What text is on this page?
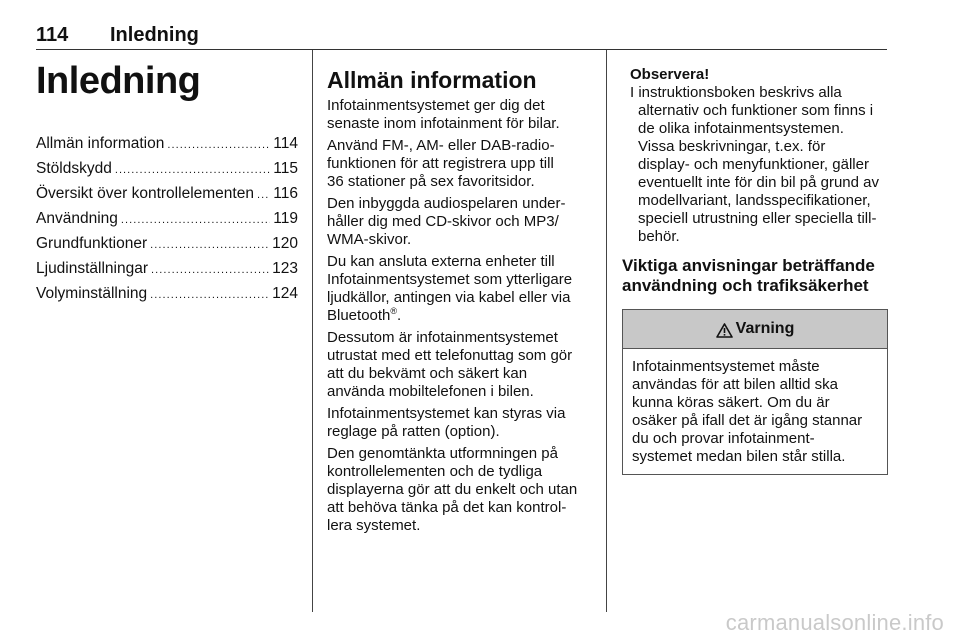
114 Inledning
Inledning
Allmän information . . .	114
Stöldskydd . . .	115
Översikt över kontrollelementen . . . 116
Användning . . .	119
Grundfunktioner . . .	120
Ljudinställningar . . .	123
Volyminställning . . .	124
Allmän information

Infotainmentsystemet ger dig det
senaste inom infotainment för bilar.

Använd FM-, AM- eller DAB-radio-
funktionen för att registrera upp till
36 stationer på sex favoritsidor.

Den inbyggda audiospelaren under-
håller dig med CD-skivor och MP3/
WMA-skivor.

Du kan ansluta externa enheter till
Infotainmentsystemet som ytterligare
ljudkällor, antingen via kabel eller via
Bluetooth®.

Dessutom är infotainmentsystemet
utrustat med ett telefonuttag som gör
att du bekvämt och säkert kan
använda mobiltelefonen i bilen.

Infotainmentsystemet kan styras via
reglage på ratten (option).

Den genomtänkta utformningen på
kontrollelementen och de tydliga
displayerna gör att du enkelt och utan
att behöva tänka på det kan kontrol-
lera systemet.

Observera!
I instruktionsboken beskrivs alla
alternativ och funktioner som finns i
de olika infotainmentsystemen.
Vissa beskrivningar, t.ex. för
display- och menyfunktioner, gäller
eventuellt inte för din bil på grund av
modellvariant, landsspecifikationer,
speciell utrustning eller speciella till-
behör.
Viktiga anvisningar beträffande
användning och trafiksäkerhet
Varning
Infotainmentsystemet måste
användas för att bilen alltid ska
kunna köras säkert. Om du är
osäker på ifall det är igång stannar
du och provar infotainment-
systemet medan bilen står stilla.
carmanualsonline.info
